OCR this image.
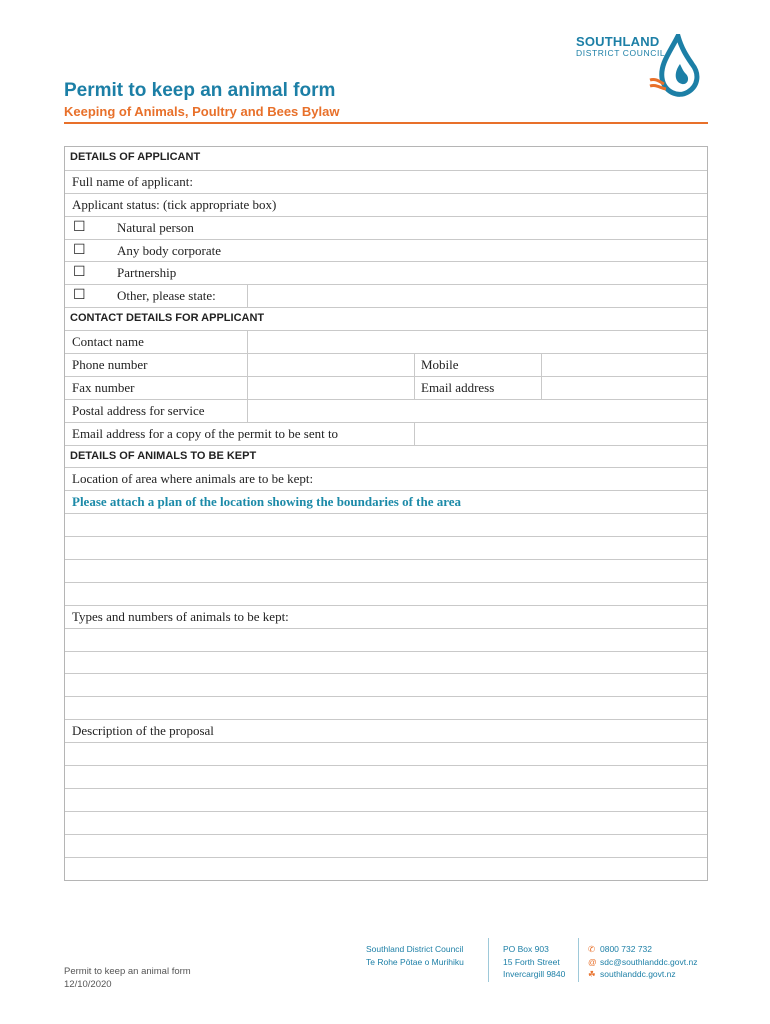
SOUTHLAND
DISTRICT COUNCIL
Permit to keep an animal form
Keeping of Animals, Poultry and Bees Bylaw
DETAILS OF APPLICANT
Full name of applicant:
Applicant status: (tick appropriate box)
☐ Natural person
☐ Any body corporate
☐ Partnership
☐ Other, please state:
CONTACT DETAILS FOR APPLICANT
Contact name
Phone number	Mobile
Fax number	Email address
Postal address for service
Email address for a copy of the permit to be sent to
DETAILS OF ANIMALS TO BE KEPT
Location of area where animals are to be kept:
Please attach a plan of the location showing the boundaries of the area
Types and numbers of animals to be kept:
Description of the proposal
Permit to keep an animal form
12/10/2020
Southland District Council
Te Rohe Pōtae o Murihiku
PO Box 903
15 Forth Street
Invercargill 9840
✆ 0800 732 732
@ sdc@southlanddc.govt.nz
☘ southlanddc.govt.nz
